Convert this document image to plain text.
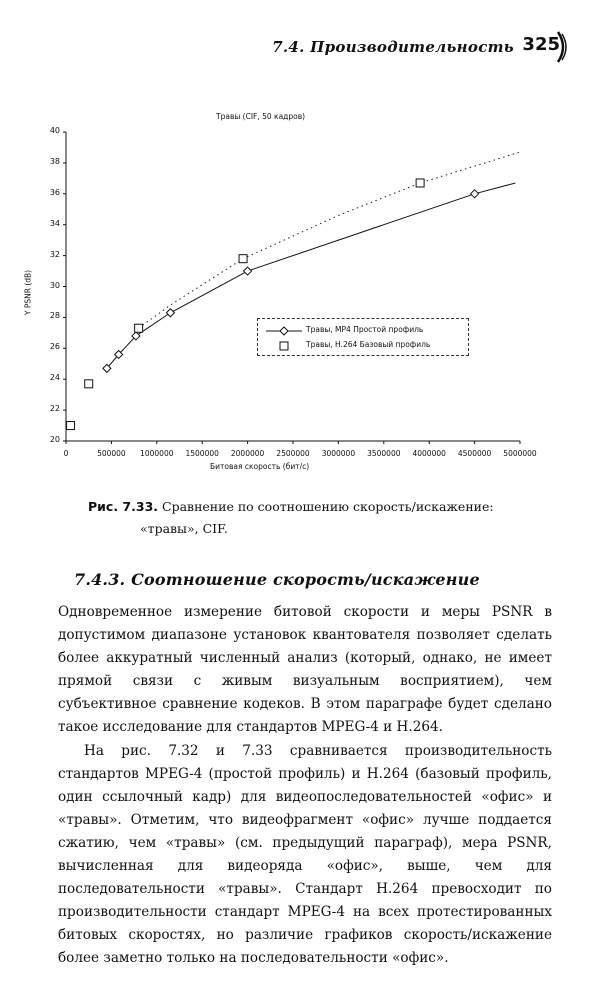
7.4. Производительность 325
Травы (CIF, 50 кадров)
20
22
24
26
28
30
32
34
36
38
40
0	500000	1000000	1500000	2000000	2500000	3000000	3500000	4000000	4500000	5000000
Битовая скорость (бит/с)
Y PSNR (dB)
Травы, MP4 Простой профиль
Травы, H.264 Базовый профиль
Рис. 7.33. Сравнение по соотношению скорость/искажение:
«травы», CIF.
7.4.3. Соотношение скорость/искажение
Одновременное измерение битовой скорости и меры PSNR в допустимом диапазоне установок квантователя позволяет сделать более аккуратный численный анализ (который, однако, не имеет прямой связи с живым визуальным восприятием), чем субъективное сравнение кодеков. В этом параграфе будет сделано такое исследование для стандартов MPEG-4 и H.264.
На рис. 7.32 и 7.33 сравнивается производительность стандартов MPEG-4 (простой профиль) и H.264 (базовый профиль, один ссылочный кадр) для видеопоследовательностей «офис» и «травы». Отметим, что видеофрагмент «офис» лучше поддается сжатию, чем «травы» (см. предыдущий параграф), мера PSNR, вычисленная для видеоряда «офис», выше, чем для последовательности «травы». Стандарт H.264 превосходит по производительности стандарт MPEG-4 на всех протестированных битовых скоростях, но различие графиков скорость/искажение более заметно только на последовательности «офис».
